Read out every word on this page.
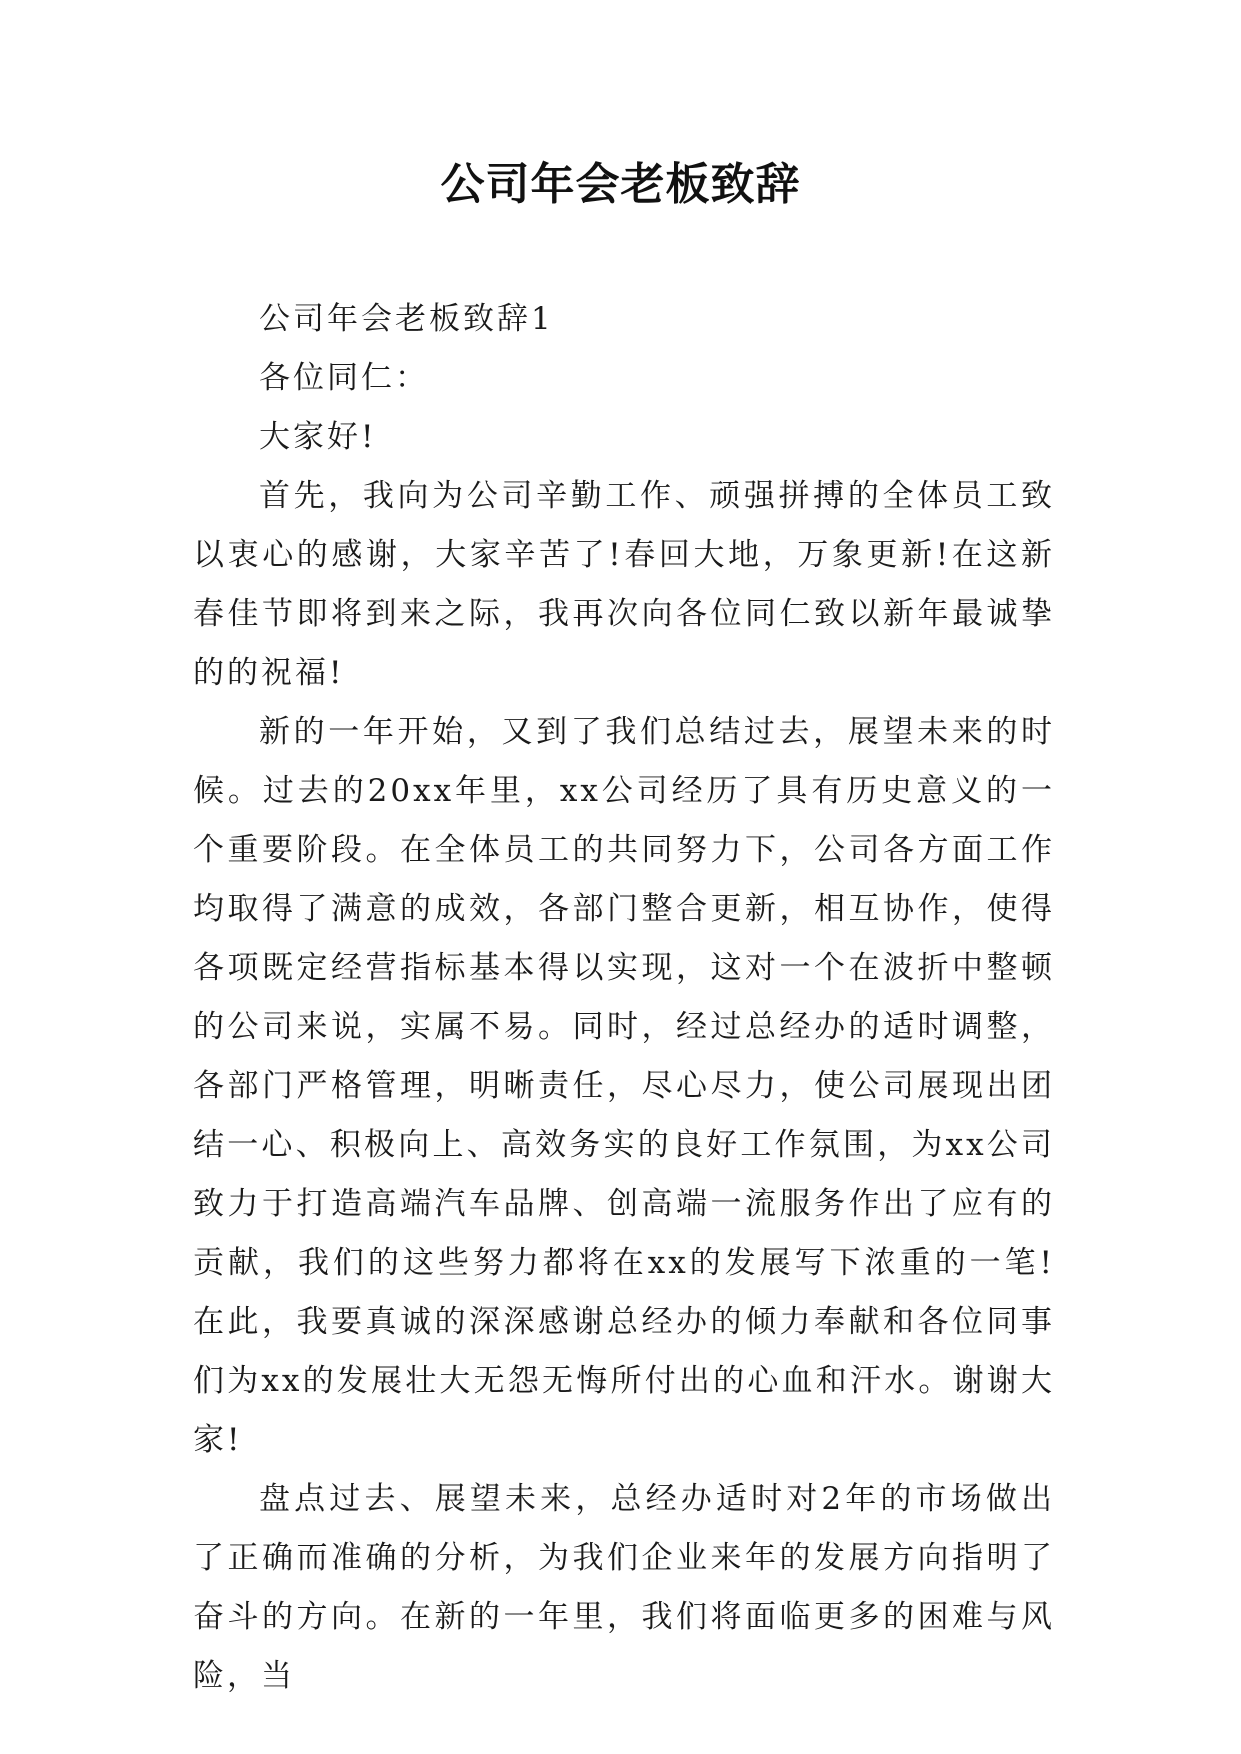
公司年会老板致辞

公司年会老板致辞1

各位同仁：

大家好!

首先，我向为公司辛勤工作、顽强拼搏的全体员工致以衷心的感谢，大家辛苦了!春回大地，万象更新!在这新春佳节即将到来之际，我再次向各位同仁致以新年最诚挚的的祝福!

新的一年开始，又到了我们总结过去，展望未来的时候。过去的20xx年里，xx公司经历了具有历史意义的一个重要阶段。在全体员工的共同努力下，公司各方面工作均取得了满意的成效，各部门整合更新，相互协作，使得各项既定经营指标基本得以实现，这对一个在波折中整顿的公司来说，实属不易。同时，经过总经办的适时调整，各部门严格管理，明晰责任，尽心尽力，使公司展现出团结一心、积极向上、高效务实的良好工作氛围，为xx公司致力于打造高端汽车品牌、创高端一流服务作出了应有的贡献，我们的这些努力都将在xx的发展写下浓重的一笔!在此，我要真诚的深深感谢总经办的倾力奉献和各位同事们为xx的发展壮大无怨无悔所付出的心血和汗水。谢谢大家!

盘点过去、展望未来，总经办适时对2年的市场做出了正确而准确的分析，为我们企业来年的发展方向指明了奋斗的方向。在新的一年里，我们将面临更多的困难与风险，当
